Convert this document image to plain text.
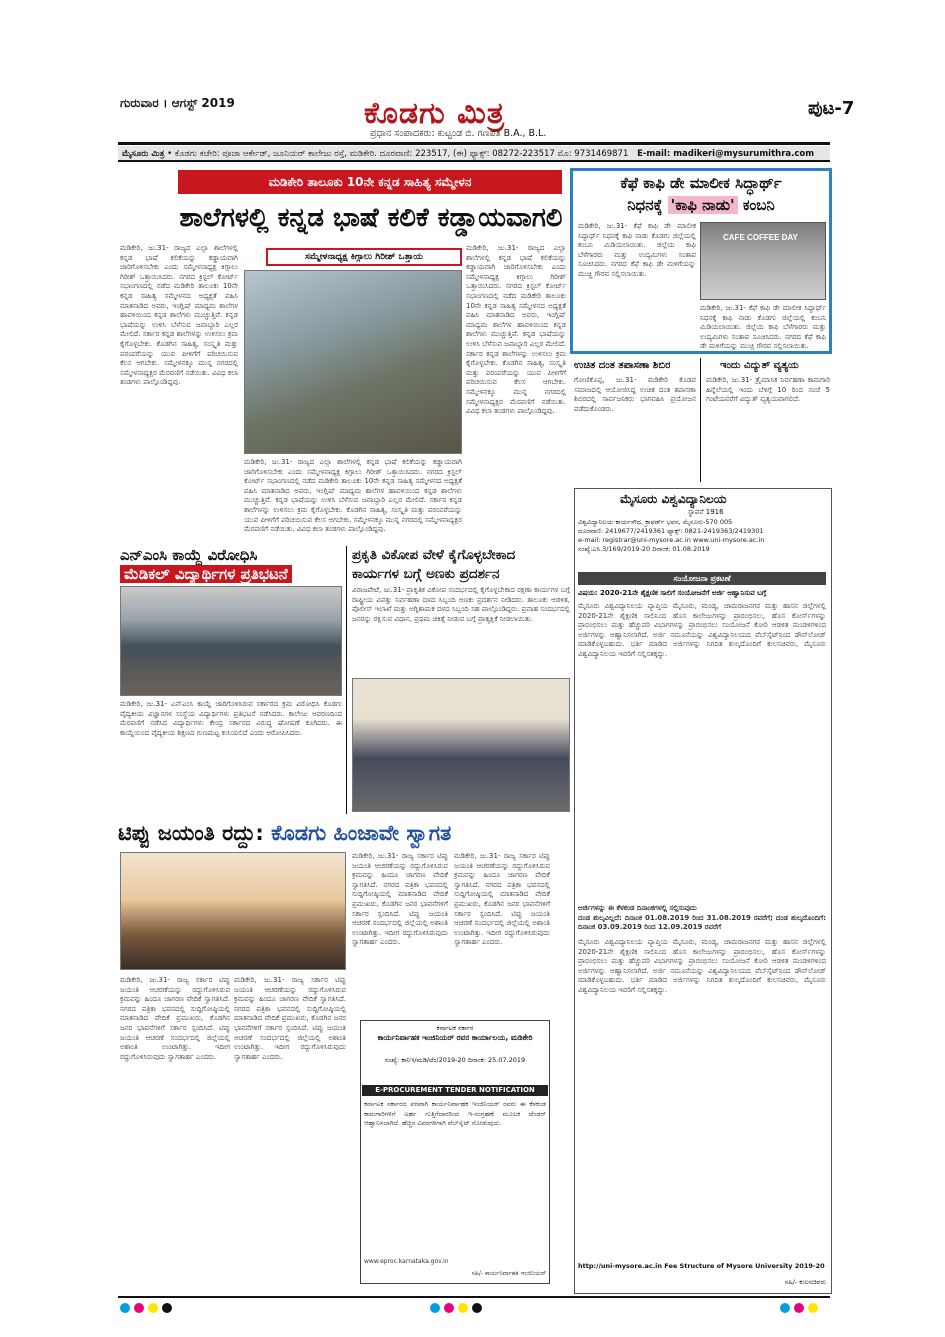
ಗುರುವಾರ । ಆಗಸ್ಟ್ 2019	ಕೊಡಗು ಮಿತ್ರ
ಪ್ರಧಾನ ಸಂಪಾದಕರು: ಕುಟ್ಟಂಡ ಬಿ. ಗಣಪತಿ B.A., B.L.
ಪುಟ-7
ಮೈಸೂರು ಮಿತ್ರ • ಕೊಡಗು ಕಚೇರಿ: ಪೂಜಾ ಆರ್ಕೇಡ್, ಜೂನಿಯರ್ ಕಾಲೇಜು ರಸ್ತೆ, ಮಡಿಕೇರಿ. ದೂರವಾಣಿ: 223517, (ಈ) ಫ್ಯಾಕ್ಸ್: 08272-223517 ಮೊ: 9731469871 E-mail: madikeri@mysurumithra.com
ಮಡಿಕೇರಿ ತಾಲೂಕು 10ನೇ ಕನ್ನಡ ಸಾಹಿತ್ಯ ಸಮ್ಮೇಳನ
ಶಾಲೆಗಳಲ್ಲಿ ಕನ್ನಡ ಭಾಷೆ ಕಲಿಕೆ ಕಡ್ಡಾಯವಾಗಲಿ
ಮಡಿಕೇರಿ, ಜು.31- ರಾಜ್ಯದ ಎಲ್ಲಾ ಶಾಲೆಗಳಲ್ಲಿ ಕನ್ನಡ ಭಾಷೆ ಕಲಿಕೆಯನ್ನು ಕಡ್ಡಾಯವಾಗಿ ಜಾರಿಗೊಳಿಸಬೇಕು ಎಂದು ಸಮ್ಮೇಳನಾಧ್ಯಕ್ಷ ಕಿಗ್ಗಾಲು ಗಿರೀಶ್ ಒತ್ತಾಯಿಸಿದರು. ನಗರದ ಕ್ರಿಸ್ಟಲ್ ಕೋರ್ಟ್ ಸಭಾಂಗಣದಲ್ಲಿ ನಡೆದ ಮಡಿಕೇರಿ ತಾಲೂಕು 10ನೇ ಕನ್ನಡ ಸಾಹಿತ್ಯ ಸಮ್ಮೇಳನದ ಅಧ್ಯಕ್ಷತೆ ವಹಿಸಿ ಮಾತನಾಡಿದ ಅವರು, ಇಂಗ್ಲಿಷ್ ಮಾಧ್ಯಮ ಶಾಲೆಗಳ ಹಾವಳಿಯಿಂದ ಕನ್ನಡ ಶಾಲೆಗಳು ಮುಚ್ಚುತ್ತಿವೆ. ಕನ್ನಡ ಭಾಷೆಯನ್ನು ಉಳಿಸಿ ಬೆಳೆಸುವ ಜವಾಬ್ದಾರಿ ಎಲ್ಲರ ಮೇಲಿದೆ. ಸರ್ಕಾರ ಕನ್ನಡ ಶಾಲೆಗಳನ್ನು ಉಳಿಸಲು ಕ್ರಮ ಕೈಗೊಳ್ಳಬೇಕು. ಕೊಡಗಿನ ಸಾಹಿತ್ಯ, ಸಂಸ್ಕೃತಿ ಮತ್ತು ಪರಂಪರೆಯನ್ನು ಯುವ ಪೀಳಿಗೆಗೆ ಪರಿಚಯಿಸುವ ಕೆಲಸ ಆಗಬೇಕು. ಸಮ್ಮೇಳನಕ್ಕೂ ಮುನ್ನ ನಗರದಲ್ಲಿ ಸಮ್ಮೇಳನಾಧ್ಯಕ್ಷರ ಮೆರವಣಿಗೆ ನಡೆಯಿತು. ವಿವಿಧ ಕಲಾ ತಂಡಗಳು ಪಾಲ್ಗೊಂಡಿದ್ದವು.
ಸಮ್ಮೇಳನಾಧ್ಯಕ್ಷ ಕಿಗ್ಗಾಲು ಗಿರೀಶ್ ಒತ್ತಾಯ
ಮಡಿಕೇರಿ, ಜು.31- ರಾಜ್ಯದ ಎಲ್ಲಾ ಶಾಲೆಗಳಲ್ಲಿ ಕನ್ನಡ ಭಾಷೆ ಕಲಿಕೆಯನ್ನು ಕಡ್ಡಾಯವಾಗಿ ಜಾರಿಗೊಳಿಸಬೇಕು ಎಂದು ಸಮ್ಮೇಳನಾಧ್ಯಕ್ಷ ಕಿಗ್ಗಾಲು ಗಿರೀಶ್ ಒತ್ತಾಯಿಸಿದರು. ನಗರದ ಕ್ರಿಸ್ಟಲ್ ಕೋರ್ಟ್ ಸಭಾಂಗಣದಲ್ಲಿ ನಡೆದ ಮಡಿಕೇರಿ ತಾಲೂಕು 10ನೇ ಕನ್ನಡ ಸಾಹಿತ್ಯ ಸಮ್ಮೇಳನದ ಅಧ್ಯಕ್ಷತೆ ವಹಿಸಿ ಮಾತನಾಡಿದ ಅವರು, ಇಂಗ್ಲಿಷ್ ಮಾಧ್ಯಮ ಶಾಲೆಗಳ ಹಾವಳಿಯಿಂದ ಕನ್ನಡ ಶಾಲೆಗಳು ಮುಚ್ಚುತ್ತಿವೆ. ಕನ್ನಡ ಭಾಷೆಯನ್ನು ಉಳಿಸಿ ಬೆಳೆಸುವ ಜವಾಬ್ದಾರಿ ಎಲ್ಲರ ಮೇಲಿದೆ. ಸರ್ಕಾರ ಕನ್ನಡ ಶಾಲೆಗಳನ್ನು ಉಳಿಸಲು ಕ್ರಮ ಕೈಗೊಳ್ಳಬೇಕು. ಕೊಡಗಿನ ಸಾಹಿತ್ಯ, ಸಂಸ್ಕೃತಿ ಮತ್ತು ಪರಂಪರೆಯನ್ನು ಯುವ ಪೀಳಿಗೆಗೆ ಪರಿಚಯಿಸುವ ಕೆಲಸ ಆಗಬೇಕು. ಸಮ್ಮೇಳನಕ್ಕೂ ಮುನ್ನ ನಗರದಲ್ಲಿ ಸಮ್ಮೇಳನಾಧ್ಯಕ್ಷರ ಮೆರವಣಿಗೆ ನಡೆಯಿತು. ವಿವಿಧ ಕಲಾ ತಂಡಗಳು ಪಾಲ್ಗೊಂಡಿದ್ದವು.
ಮಡಿಕೇರಿ, ಜು.31- ರಾಜ್ಯದ ಎಲ್ಲಾ ಶಾಲೆಗಳಲ್ಲಿ ಕನ್ನಡ ಭಾಷೆ ಕಲಿಕೆಯನ್ನು ಕಡ್ಡಾಯವಾಗಿ ಜಾರಿಗೊಳಿಸಬೇಕು ಎಂದು ಸಮ್ಮೇಳನಾಧ್ಯಕ್ಷ ಕಿಗ್ಗಾಲು ಗಿರೀಶ್ ಒತ್ತಾಯಿಸಿದರು. ನಗರದ ಕ್ರಿಸ್ಟಲ್ ಕೋರ್ಟ್ ಸಭಾಂಗಣದಲ್ಲಿ ನಡೆದ ಮಡಿಕೇರಿ ತಾಲೂಕು 10ನೇ ಕನ್ನಡ ಸಾಹಿತ್ಯ ಸಮ್ಮೇಳನದ ಅಧ್ಯಕ್ಷತೆ ವಹಿಸಿ ಮಾತನಾಡಿದ ಅವರು, ಇಂಗ್ಲಿಷ್ ಮಾಧ್ಯಮ ಶಾಲೆಗಳ ಹಾವಳಿಯಿಂದ ಕನ್ನಡ ಶಾಲೆಗಳು ಮುಚ್ಚುತ್ತಿವೆ. ಕನ್ನಡ ಭಾಷೆಯನ್ನು ಉಳಿಸಿ ಬೆಳೆಸುವ ಜವಾಬ್ದಾರಿ ಎಲ್ಲರ ಮೇಲಿದೆ. ಸರ್ಕಾರ ಕನ್ನಡ ಶಾಲೆಗಳನ್ನು ಉಳಿಸಲು ಕ್ರಮ ಕೈಗೊಳ್ಳಬೇಕು. ಕೊಡಗಿನ ಸಾಹಿತ್ಯ, ಸಂಸ್ಕೃತಿ ಮತ್ತು ಪರಂಪರೆಯನ್ನು ಯುವ ಪೀಳಿಗೆಗೆ ಪರಿಚಯಿಸುವ ಕೆಲಸ ಆಗಬೇಕು. ಸಮ್ಮೇಳನಕ್ಕೂ ಮುನ್ನ ನಗರದಲ್ಲಿ ಸಮ್ಮೇಳನಾಧ್ಯಕ್ಷರ ಮೆರವಣಿಗೆ ನಡೆಯಿತು. ವಿವಿಧ ಕಲಾ ತಂಡಗಳು ಪಾಲ್ಗೊಂಡಿದ್ದವು.
ಕೆಫೆ ಕಾಫಿ ಡೇ ಮಾಲೀಕ ಸಿದ್ಧಾರ್ಥ್
ನಿಧನಕ್ಕೆ 'ಕಾಫಿ ನಾಡು' ಕಂಬನಿ
ಮಡಿಕೇರಿ, ಜು.31- ಕೆಫೆ ಕಾಫಿ ಡೇ ಮಾಲೀಕ ಸಿದ್ಧಾರ್ಥ್ ನಿಧನಕ್ಕೆ ಕಾಫಿ ನಾಡು ಕೊಡಗು ಜಿಲ್ಲೆಯಲ್ಲಿ ಕಂಬನಿ ಮಿಡಿಯಲಾಯಿತು. ಜಿಲ್ಲೆಯ ಕಾಫಿ ಬೆಳೆಗಾರರು ಮತ್ತು ಉದ್ಯಮಿಗಳು ಸಂತಾಪ ಸೂಚಿಸಿದರು. ನಗರದ ಕೆಫೆ ಕಾಫಿ ಡೇ ಮಳಿಗೆಯನ್ನು ಮುಚ್ಚಿ ಗೌರವ ಸಲ್ಲಿಸಲಾಯಿತು.
CAFE COFFEE DAY
ಮಡಿಕೇರಿ, ಜು.31- ಕೆಫೆ ಕಾಫಿ ಡೇ ಮಾಲೀಕ ಸಿದ್ಧಾರ್ಥ್ ನಿಧನಕ್ಕೆ ಕಾಫಿ ನಾಡು ಕೊಡಗು ಜಿಲ್ಲೆಯಲ್ಲಿ ಕಂಬನಿ ಮಿಡಿಯಲಾಯಿತು. ಜಿಲ್ಲೆಯ ಕಾಫಿ ಬೆಳೆಗಾರರು ಮತ್ತು ಉದ್ಯಮಿಗಳು ಸಂತಾಪ ಸೂಚಿಸಿದರು. ನಗರದ ಕೆಫೆ ಕಾಫಿ ಡೇ ಮಳಿಗೆಯನ್ನು ಮುಚ್ಚಿ ಗೌರವ ಸಲ್ಲಿಸಲಾಯಿತು.
ಉಚಿತ ದಂತ ತಪಾಸಣಾ ಶಿಬಿರ
ಗೋಣಿಕೊಪ್ಪ, ಜು.31- ಮಡಿಕೇರಿ ಕೊಡವ ಸಮಾಜದಲ್ಲಿ ಆಯೋಜಿಸಿದ್ದ ಉಚಿತ ದಂತ ತಪಾಸಣಾ ಶಿಬಿರದಲ್ಲಿ ಸಾರ್ವಜನಿಕರು ಭಾಗವಹಿಸಿ ಪ್ರಯೋಜನ ಪಡೆದುಕೊಂಡರು.
ಇಂದು ವಿದ್ಯುತ್ ವ್ಯತ್ಯಯ
ಮಡಿಕೇರಿ, ಜು.31- ತ್ರೈಮಾಸಿಕ ನಿರ್ವಹಣಾ ಕಾಮಗಾರಿ ಹಿನ್ನೆಲೆಯಲ್ಲಿ ಇಂದು ಬೆಳಿಗ್ಗೆ 10 ರಿಂದ ಸಂಜೆ 5 ಗಂಟೆಯವರೆಗೆ ವಿದ್ಯುತ್ ವ್ಯತ್ಯಯವಾಗಲಿದೆ.
ಎನ್‌ಎಂಸಿ ಕಾಯ್ದೆ ವಿರೋಧಿಸಿ
ಮೆಡಿಕಲ್ ವಿದ್ಯಾರ್ಥಿಗಳ ಪ್ರತಿಭಟನೆ
ಮಡಿಕೇರಿ, ಜು.31- ಎನ್‌ಎಂಸಿ ಕಾಯ್ದೆ ಜಾರಿಗೊಳಿಸಿರುವ ಸರ್ಕಾರದ ಕ್ರಮ ವಿರೋಧಿಸಿ ಕೊಡಗು ವೈದ್ಯಕೀಯ ವಿಜ್ಞಾನಗಳ ಸಂಸ್ಥೆಯ ವಿದ್ಯಾರ್ಥಿಗಳು ಪ್ರತಿಭಟನೆ ನಡೆಸಿದರು. ಕಾಲೇಜು ಆವರಣದಿಂದ ಮೆರವಣಿಗೆ ನಡೆಸಿದ ವಿದ್ಯಾರ್ಥಿಗಳು ಕೇಂದ್ರ ಸರ್ಕಾರದ ವಿರುದ್ಧ ಘೋಷಣೆ ಕೂಗಿದರು. ಈ ಕಾಯ್ದೆಯಿಂದ ವೈದ್ಯಕೀಯ ಶಿಕ್ಷಣದ ಗುಣಮಟ್ಟ ಕುಸಿಯಲಿದೆ ಎಂದು ಆರೋಪಿಸಿದರು.
ಪ್ರಕೃತಿ ವಿಕೋಪ ವೇಳೆ ಕೈಗೊಳ್ಳಬೇಕಾದ
ಕಾರ್ಯಗಳ ಬಗ್ಗೆ ಅಣಕು ಪ್ರದರ್ಶನ
ವಿರಾಜಪೇಟೆ, ಜು.31- ಪ್ರಾಕೃತಿಕ ವಿಕೋಪ ಸಂದರ್ಭದಲ್ಲಿ ಕೈಗೊಳ್ಳಬೇಕಾದ ರಕ್ಷಣಾ ಕಾರ್ಯಗಳ ಬಗ್ಗೆ ರಾಷ್ಟ್ರೀಯ ವಿಪತ್ತು ನಿರ್ವಹಣಾ ದಳದ ಸಿಬ್ಬಂದಿ ಅಣಕು ಪ್ರದರ್ಶನ ನೀಡಿದರು. ತಾಲೂಕು ಆಡಳಿತ, ಪೊಲೀಸ್ ಇಲಾಖೆ ಮತ್ತು ಅಗ್ನಿಶಾಮಕ ದಳದ ಸಿಬ್ಬಂದಿ ಸಹ ಪಾಲ್ಗೊಂಡಿದ್ದರು. ಪ್ರವಾಹ ಸಂದರ್ಭದಲ್ಲಿ ಜನರನ್ನು ರಕ್ಷಿಸುವ ವಿಧಾನ, ಪ್ರಥಮ ಚಿಕಿತ್ಸೆ ನೀಡುವ ಬಗ್ಗೆ ಪ್ರಾತ್ಯಕ್ಷಿಕೆ ನೀಡಲಾಯಿತು.
ಟಿಪ್ಪು ಜಯಂತಿ ರದ್ದು: ಕೊಡಗು ಹಿಂಜಾವೇ ಸ್ವಾಗತ
ಮಡಿಕೇರಿ, ಜು.31- ರಾಜ್ಯ ಸರ್ಕಾರ ಟಿಪ್ಪು ಜಯಂತಿ ಆಚರಣೆಯನ್ನು ರದ್ದುಗೊಳಿಸಿರುವ ಕ್ರಮವನ್ನು ಹಿಂದೂ ಜಾಗರಣ ವೇದಿಕೆ ಸ್ವಾಗತಿಸಿದೆ. ನಗರದ ಪತ್ರಿಕಾ ಭವನದಲ್ಲಿ ಸುದ್ದಿಗೋಷ್ಠಿಯಲ್ಲಿ ಮಾತನಾಡಿದ ವೇದಿಕೆ ಪ್ರಮುಖರು, ಕೊಡಗಿನ ಜನರ ಭಾವನೆಗಳಿಗೆ ಸರ್ಕಾರ ಸ್ಪಂದಿಸಿದೆ. ಟಿಪ್ಪು ಜಯಂತಿ ಆಚರಣೆ ಸಂದರ್ಭದಲ್ಲಿ ಜಿಲ್ಲೆಯಲ್ಲಿ ಅಶಾಂತಿ ಉಂಟಾಗಿತ್ತು. ಇದೀಗ ರದ್ದುಗೊಳಿಸಿರುವುದು ಸ್ವಾಗತಾರ್ಹ ಎಂದರು.
ಮಡಿಕೇರಿ, ಜು.31- ರಾಜ್ಯ ಸರ್ಕಾರ ಟಿಪ್ಪು ಜಯಂತಿ ಆಚರಣೆಯನ್ನು ರದ್ದುಗೊಳಿಸಿರುವ ಕ್ರಮವನ್ನು ಹಿಂದೂ ಜಾಗರಣ ವೇದಿಕೆ ಸ್ವಾಗತಿಸಿದೆ. ನಗರದ ಪತ್ರಿಕಾ ಭವನದಲ್ಲಿ ಸುದ್ದಿಗೋಷ್ಠಿಯಲ್ಲಿ ಮಾತನಾಡಿದ ವೇದಿಕೆ ಪ್ರಮುಖರು, ಕೊಡಗಿನ ಜನರ ಭಾವನೆಗಳಿಗೆ ಸರ್ಕಾರ ಸ್ಪಂದಿಸಿದೆ. ಟಿಪ್ಪು ಜಯಂತಿ ಆಚರಣೆ ಸಂದರ್ಭದಲ್ಲಿ ಜಿಲ್ಲೆಯಲ್ಲಿ ಅಶಾಂತಿ ಉಂಟಾಗಿತ್ತು. ಇದೀಗ ರದ್ದುಗೊಳಿಸಿರುವುದು ಸ್ವಾಗತಾರ್ಹ ಎಂದರು.
ಮಡಿಕೇರಿ, ಜು.31- ರಾಜ್ಯ ಸರ್ಕಾರ ಟಿಪ್ಪು ಜಯಂತಿ ಆಚರಣೆಯನ್ನು ರದ್ದುಗೊಳಿಸಿರುವ ಕ್ರಮವನ್ನು ಹಿಂದೂ ಜಾಗರಣ ವೇದಿಕೆ ಸ್ವಾಗತಿಸಿದೆ. ನಗರದ ಪತ್ರಿಕಾ ಭವನದಲ್ಲಿ ಸುದ್ದಿಗೋಷ್ಠಿಯಲ್ಲಿ ಮಾತನಾಡಿದ ವೇದಿಕೆ ಪ್ರಮುಖರು, ಕೊಡಗಿನ ಜನರ ಭಾವನೆಗಳಿಗೆ ಸರ್ಕಾರ ಸ್ಪಂದಿಸಿದೆ. ಟಿಪ್ಪು ಜಯಂತಿ ಆಚರಣೆ ಸಂದರ್ಭದಲ್ಲಿ ಜಿಲ್ಲೆಯಲ್ಲಿ ಅಶಾಂತಿ ಉಂಟಾಗಿತ್ತು. ಇದೀಗ ರದ್ದುಗೊಳಿಸಿರುವುದು ಸ್ವಾಗತಾರ್ಹ ಎಂದರು.
ಮಡಿಕೇರಿ, ಜು.31- ರಾಜ್ಯ ಸರ್ಕಾರ ಟಿಪ್ಪು ಜಯಂತಿ ಆಚರಣೆಯನ್ನು ರದ್ದುಗೊಳಿಸಿರುವ ಕ್ರಮವನ್ನು ಹಿಂದೂ ಜಾಗರಣ ವೇದಿಕೆ ಸ್ವಾಗತಿಸಿದೆ. ನಗರದ ಪತ್ರಿಕಾ ಭವನದಲ್ಲಿ ಸುದ್ದಿಗೋಷ್ಠಿಯಲ್ಲಿ ಮಾತನಾಡಿದ ವೇದಿಕೆ ಪ್ರಮುಖರು, ಕೊಡಗಿನ ಜನರ ಭಾವನೆಗಳಿಗೆ ಸರ್ಕಾರ ಸ್ಪಂದಿಸಿದೆ. ಟಿಪ್ಪು ಜಯಂತಿ ಆಚರಣೆ ಸಂದರ್ಭದಲ್ಲಿ ಜಿಲ್ಲೆಯಲ್ಲಿ ಅಶಾಂತಿ ಉಂಟಾಗಿತ್ತು. ಇದೀಗ ರದ್ದುಗೊಳಿಸಿರುವುದು ಸ್ವಾಗತಾರ್ಹ ಎಂದರು.
ಕರ್ನಾಟಕ ಸರ್ಕಾರ
ಕಾರ್ಯನಿರ್ವಾಹಕ ಇಂಜಿನಿಯರ್ ರವರ ಕಾರ್ಯಾಲಯ, ಮಡಿಕೇರಿ
ಸಂಖ್ಯೆ: ಕಾನಿಇ/ಮಡಿ/ಟೆಂ/2019-20 ದಿನಾಂಕ: 25.07.2019
E-PROCUREMENT TENDER NOTIFICATION
ಕರ್ನಾಟಕ ಸರ್ಕಾರದ ಪರವಾಗಿ ಕಾರ್ಯನಿರ್ವಾಹಕ ಇಂಜಿನಿಯರ್ ರವರು ಈ ಕೆಳಕಂಡ ಕಾಮಗಾರಿಗಳಿಗೆ ಅರ್ಹ ಗುತ್ತಿಗೆದಾರರಿಂದ ಇ-ಸಂಗ್ರಹಣೆ ಮೂಲಕ ಟೆಂಡರ್ ಆಹ್ವಾನಿಸಲಾಗಿದೆ. ಹೆಚ್ಚಿನ ವಿವರಗಳಿಗಾಗಿ ವೆಬ್‌ಸೈಟ್ ನೋಡುವುದು.
www.eproc.karnataka.gov.in
ಸಹಿ/- ಕಾರ್ಯನಿರ್ವಾಹಕ ಇಂಜಿನಿಯರ್
ಮೈಸೂರು ವಿಶ್ವವಿದ್ಯಾನಿಲಯ
ಸ್ಥಾಪನೆ 1916
ವಿಶ್ವವಿದ್ಯಾನಿಲಯ ಕಾರ್ಯಸೌಧ, ಕ್ರಾಫರ್ಡ್ ಭವನ, ಮೈಸೂರು-570 005
ದೂರವಾಣಿ: 2419677/2419361 ಫ್ಯಾಕ್ಸ್: 0821-2419363/2419301
e-mail: registrar@uni-mysore.ac.in www.uni-mysore.ac.in
ಸಂಖ್ಯೆ:ಎಸಿ.3/169/2019-20 ದಿನಾಂಕ: 01.08.2019
ಸಂಯೋಜನಾ ಪ್ರಕಟಣೆ
ವಿಷಯ: 2020-21ನೇ ಶೈಕ್ಷಣಿಕ ಸಾಲಿಗೆ ಸಂಯೋಜನೆಗೆ ಅರ್ಜಿ ಆಹ್ವಾನಿಸುವ ಬಗ್ಗೆ
ಮೈಸೂರು ವಿಶ್ವವಿದ್ಯಾನಿಲಯ ವ್ಯಾಪ್ತಿಯ ಮೈಸೂರು, ಮಂಡ್ಯ, ಚಾಮರಾಜನಗರ ಮತ್ತು ಹಾಸನ ಜಿಲ್ಲೆಗಳಲ್ಲಿ 2020-21ನೇ ಶೈಕ್ಷಣಿಕ ಸಾಲಿನಿಂದ ಹೊಸ ಕಾಲೇಜುಗಳನ್ನು ಪ್ರಾರಂಭಿಸಲು, ಹೊಸ ಕೋರ್ಸ್‌ಗಳನ್ನು ಪ್ರಾರಂಭಿಸಲು ಮತ್ತು ಹೆಚ್ಚುವರಿ ವಿಭಾಗಗಳನ್ನು ಪ್ರಾರಂಭಿಸಲು ಸಂಯೋಜನೆ ಕೋರಿ ಆಡಳಿತ ಮಂಡಳಿಗಳಿಂದ ಅರ್ಜಿಗಳನ್ನು ಆಹ್ವಾನಿಸಲಾಗಿದೆ. ಅರ್ಜಿ ನಮೂನೆಯನ್ನು ವಿಶ್ವವಿದ್ಯಾನಿಲಯದ ವೆಬ್‌ಸೈಟ್‌ನಿಂದ ಡೌನ್‌ಲೋಡ್ ಮಾಡಿಕೊಳ್ಳಬಹುದು. ಭರ್ತಿ ಮಾಡಿದ ಅರ್ಜಿಗಳನ್ನು ನಿಗದಿತ ಶುಲ್ಕದೊಂದಿಗೆ ಕುಲಸಚಿವರು, ಮೈಸೂರು ವಿಶ್ವವಿದ್ಯಾನಿಲಯ ಇವರಿಗೆ ಸಲ್ಲಿಸತಕ್ಕದ್ದು.
ಅರ್ಜಿಗಳನ್ನು ಈ ಕೆಳಕಂಡ ದಿನಾಂಕಗಳಲ್ಲಿ ಸಲ್ಲಿಸುವುದು
ದಂಡ ಶುಲ್ಕವಿಲ್ಲದೆ: ದಿನಾಂಕ 01.08.2019 ರಿಂದ 31.08.2019 ರವರೆಗೆ; ದಂಡ ಶುಲ್ಕದೊಂದಿಗೆ: ದಿನಾಂಕ 03.09.2019 ರಿಂದ 12.09.2019 ರವರೆಗೆ
ಮೈಸೂರು ವಿಶ್ವವಿದ್ಯಾನಿಲಯ ವ್ಯಾಪ್ತಿಯ ಮೈಸೂರು, ಮಂಡ್ಯ, ಚಾಮರಾಜನಗರ ಮತ್ತು ಹಾಸನ ಜಿಲ್ಲೆಗಳಲ್ಲಿ 2020-21ನೇ ಶೈಕ್ಷಣಿಕ ಸಾಲಿನಿಂದ ಹೊಸ ಕಾಲೇಜುಗಳನ್ನು ಪ್ರಾರಂಭಿಸಲು, ಹೊಸ ಕೋರ್ಸ್‌ಗಳನ್ನು ಪ್ರಾರಂಭಿಸಲು ಮತ್ತು ಹೆಚ್ಚುವರಿ ವಿಭಾಗಗಳನ್ನು ಪ್ರಾರಂಭಿಸಲು ಸಂಯೋಜನೆ ಕೋರಿ ಆಡಳಿತ ಮಂಡಳಿಗಳಿಂದ ಅರ್ಜಿಗಳನ್ನು ಆಹ್ವಾನಿಸಲಾಗಿದೆ. ಅರ್ಜಿ ನಮೂನೆಯನ್ನು ವಿಶ್ವವಿದ್ಯಾನಿಲಯದ ವೆಬ್‌ಸೈಟ್‌ನಿಂದ ಡೌನ್‌ಲೋಡ್ ಮಾಡಿಕೊಳ್ಳಬಹುದು. ಭರ್ತಿ ಮಾಡಿದ ಅರ್ಜಿಗಳನ್ನು ನಿಗದಿತ ಶುಲ್ಕದೊಂದಿಗೆ ಕುಲಸಚಿವರು, ಮೈಸೂರು ವಿಶ್ವವಿದ್ಯಾನಿಲಯ ಇವರಿಗೆ ಸಲ್ಲಿಸತಕ್ಕದ್ದು.
http://uni-mysore.ac.in Fee Structure of Mysore University 2019-20
ಸಹಿ/- ಕುಲಸಚಿವರು
